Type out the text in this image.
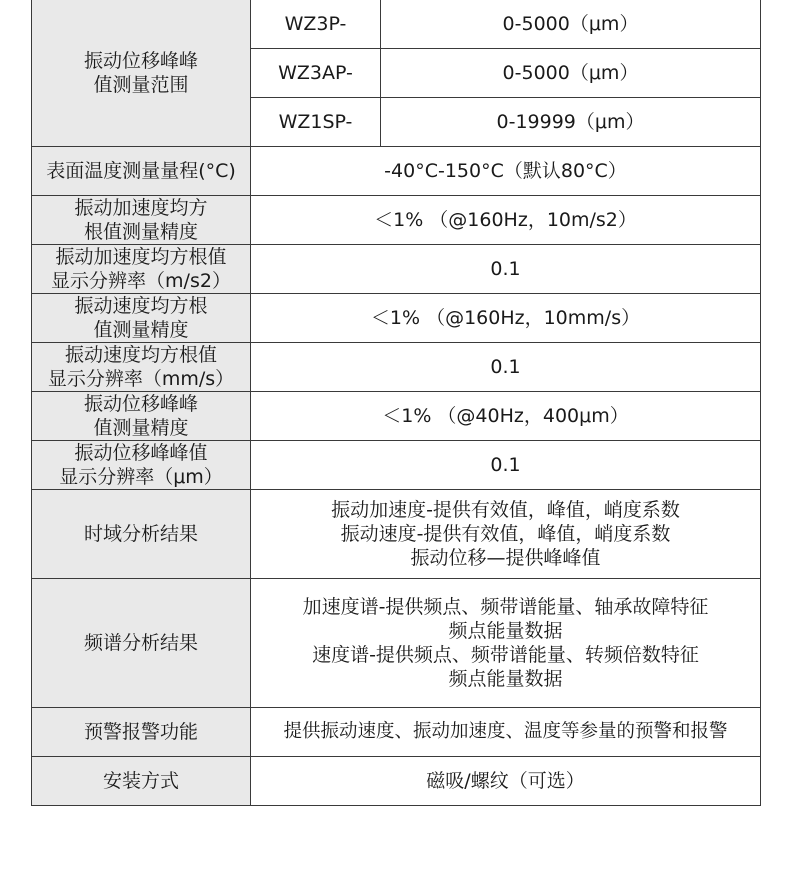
振动位移峰峰
值测量范围	WZ3P-	0-5000（μm）
	WZ3AP-	0-5000（μm）
	WZ1SP-	0-19999（μm）

表面温度测量量程(°C)	-40°C-150°C（默认80°C）	

振动加速度均方
根值测量精度	＜1% （@160Hz，10m/s2）	

振动加速度均方根值
显示分辨率（m/s2）	0.1	

振动速度均方根
值测量精度	＜1% （@160Hz，10mm/s）	

振动速度均方根值
显示分辨率（mm/s）	0.1	

振动位移峰峰
值测量精度	＜1% （@40Hz，400μm）	

振动位移峰峰值
显示分辨率（μm）	0.1	

时域分析结果	振动加速度-提供有效值，峰值，峭度系数
振动速度-提供有效值，峰值，峭度系数
振动位移—提供峰峰值	

频谱分析结果	加速度谱-提供频点、频带谱能量、轴承故障特征
频点能量数据
速度谱-提供频点、频带谱能量、转频倍数特征
频点能量数据	

预警报警功能	提供振动速度、振动加速度、温度等参量的预警和报警	

安装方式	磁吸/螺纹（可选）	
